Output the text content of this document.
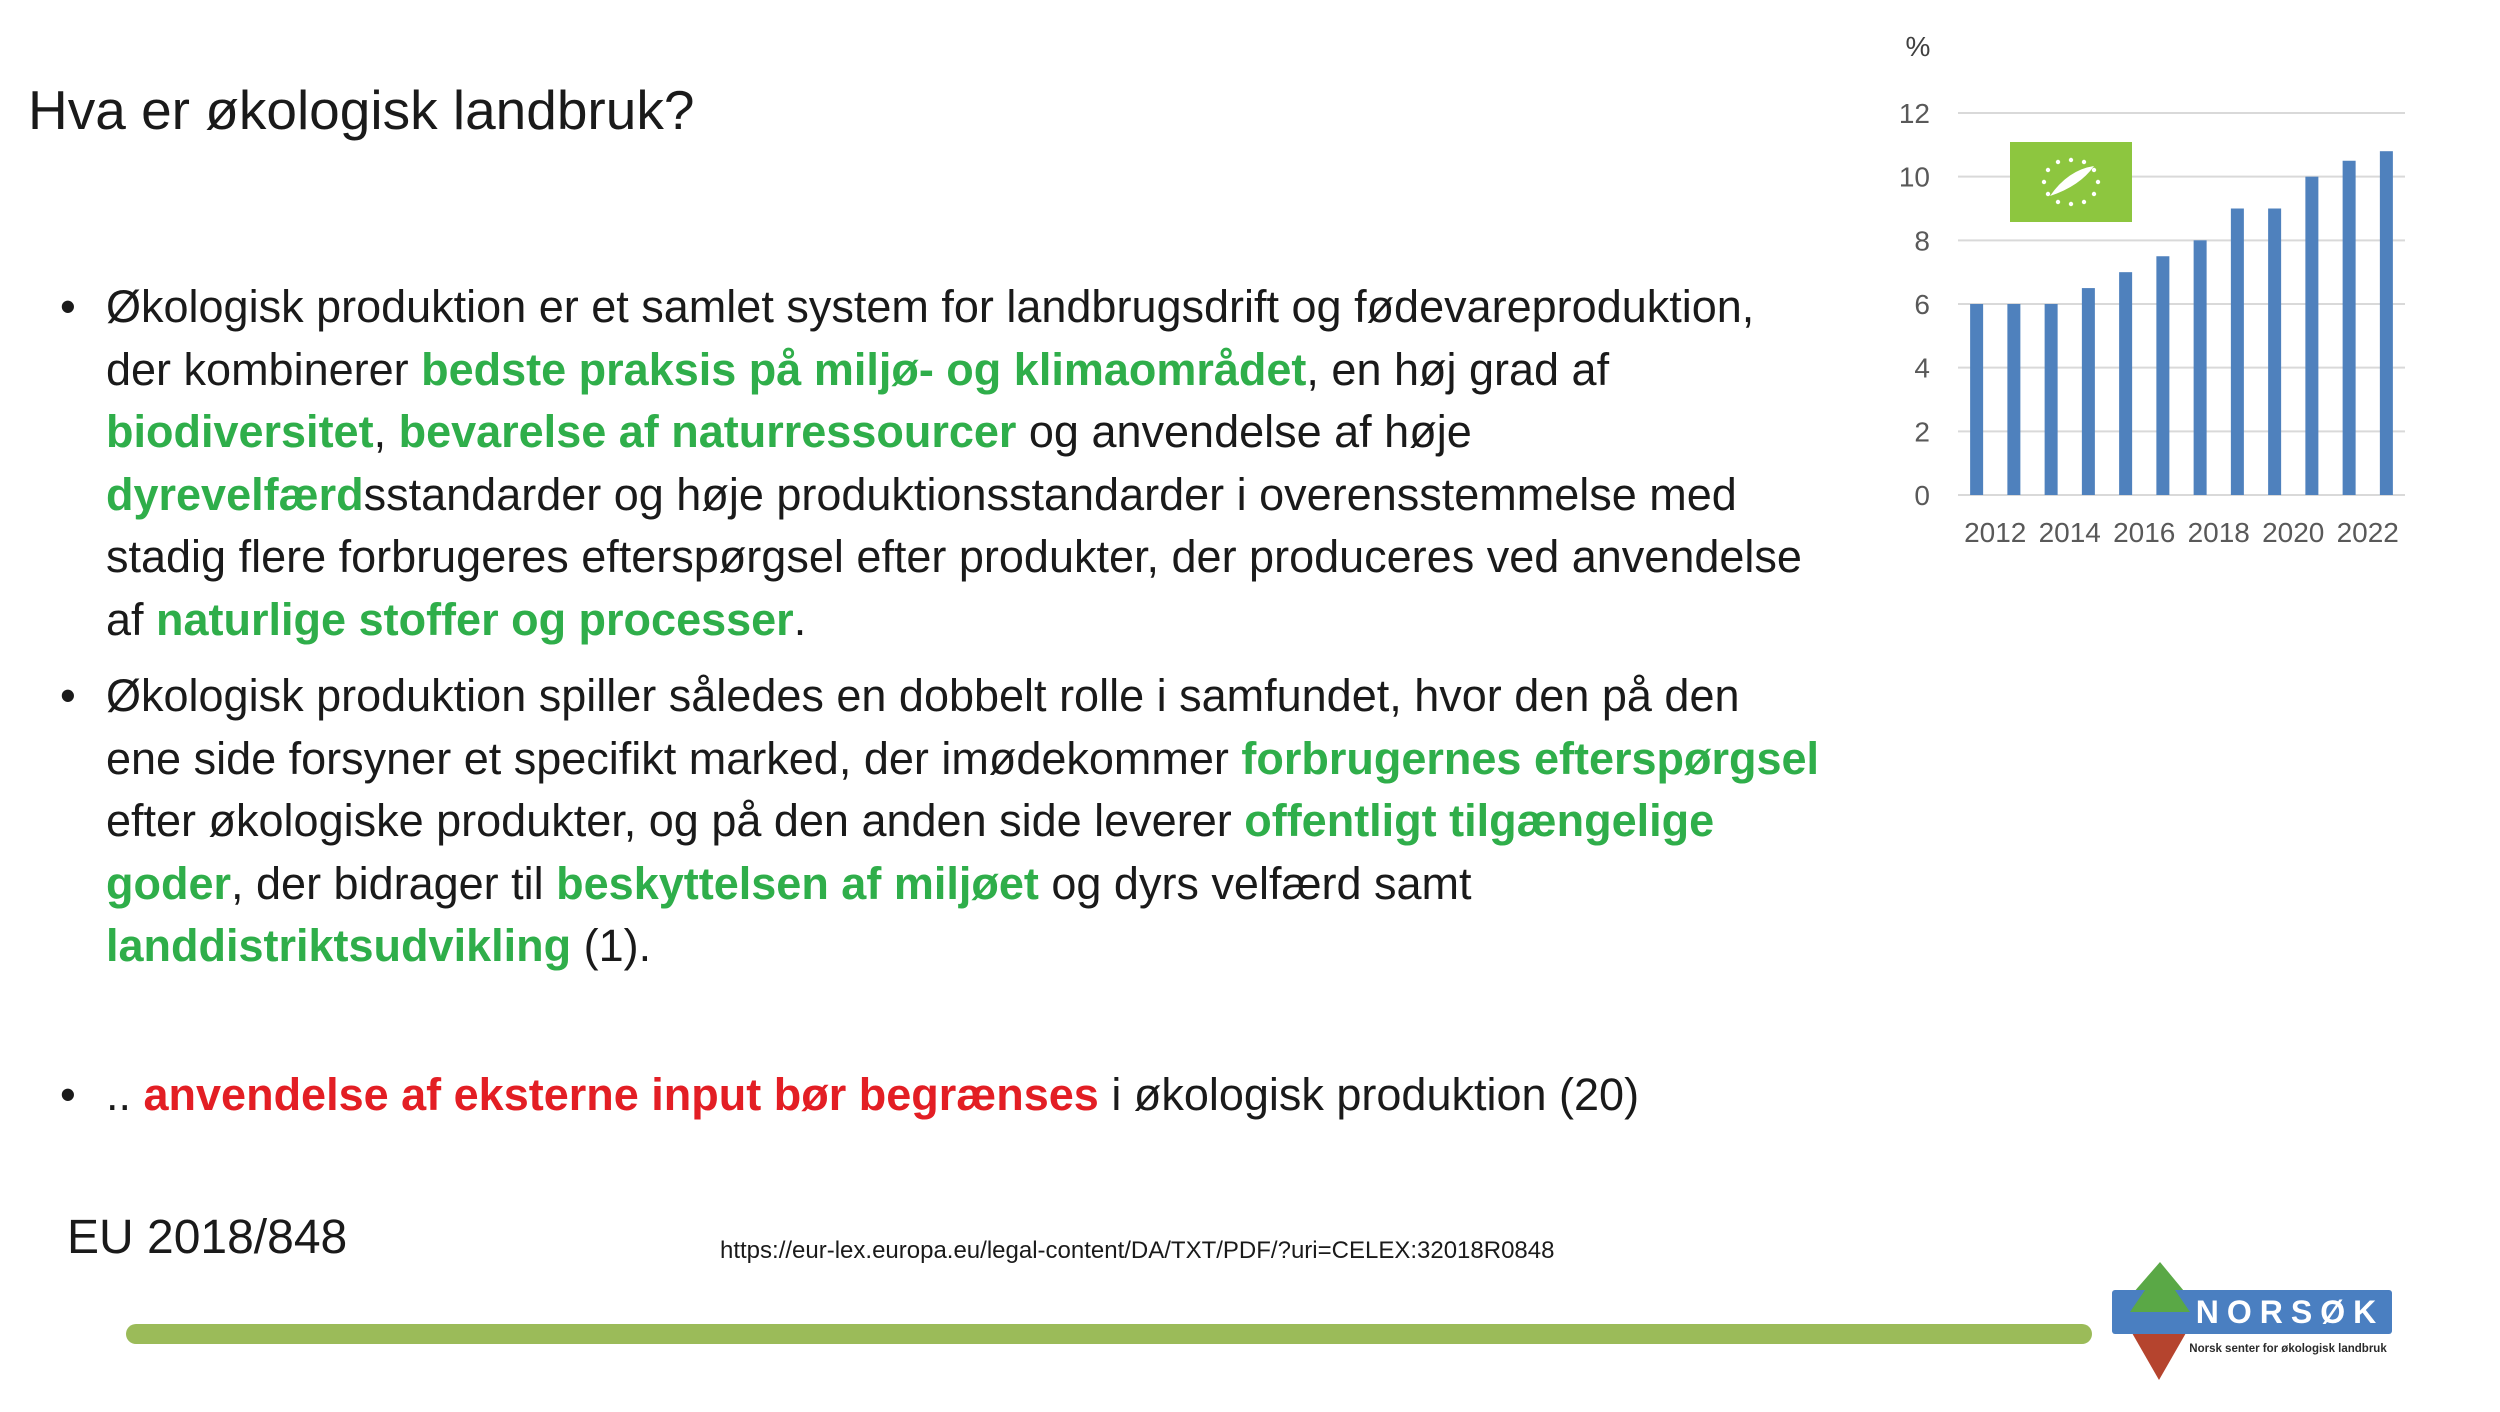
Hva er økologisk landbruk?
• Økologisk produktion er et samlet system for landbrugsdrift og fødevareproduktion, der kombinerer bedste praksis på miljø- og klimaområdet, en høj grad af biodiversitet, bevarelse af naturressourcer og anvendelse af høje dyrevelfærdsstandarder og høje produktionsstandarder i overensstemmelse med stadig flere forbrugeres efterspørgsel efter produkter, der produceres ved anvendelse af naturlige stoffer og processer.
• Økologisk produktion spiller således en dobbelt rolle i samfundet, hvor den på den ene side forsyner et specifikt marked, der imødekommer forbrugernes efterspørgsel efter økologiske produkter, og på den anden side leverer offentligt tilgængelige goder, der bidrager til beskyttelsen af miljøet og dyrs velfærd samt landdistriktsudvikling (1).
• .. anvendelse af eksterne input bør begrænses i økologisk produktion (20)
EU 2018/848	https://eur-lex.europa.eu/legal-content/DA/TXT/PDF/?uri=CELEX:32018R0848
%
0
2
4
6
8
10
12
2012 2014 2016 2018 2020 2022
NORSØK
Norsk senter for økologisk landbruk
